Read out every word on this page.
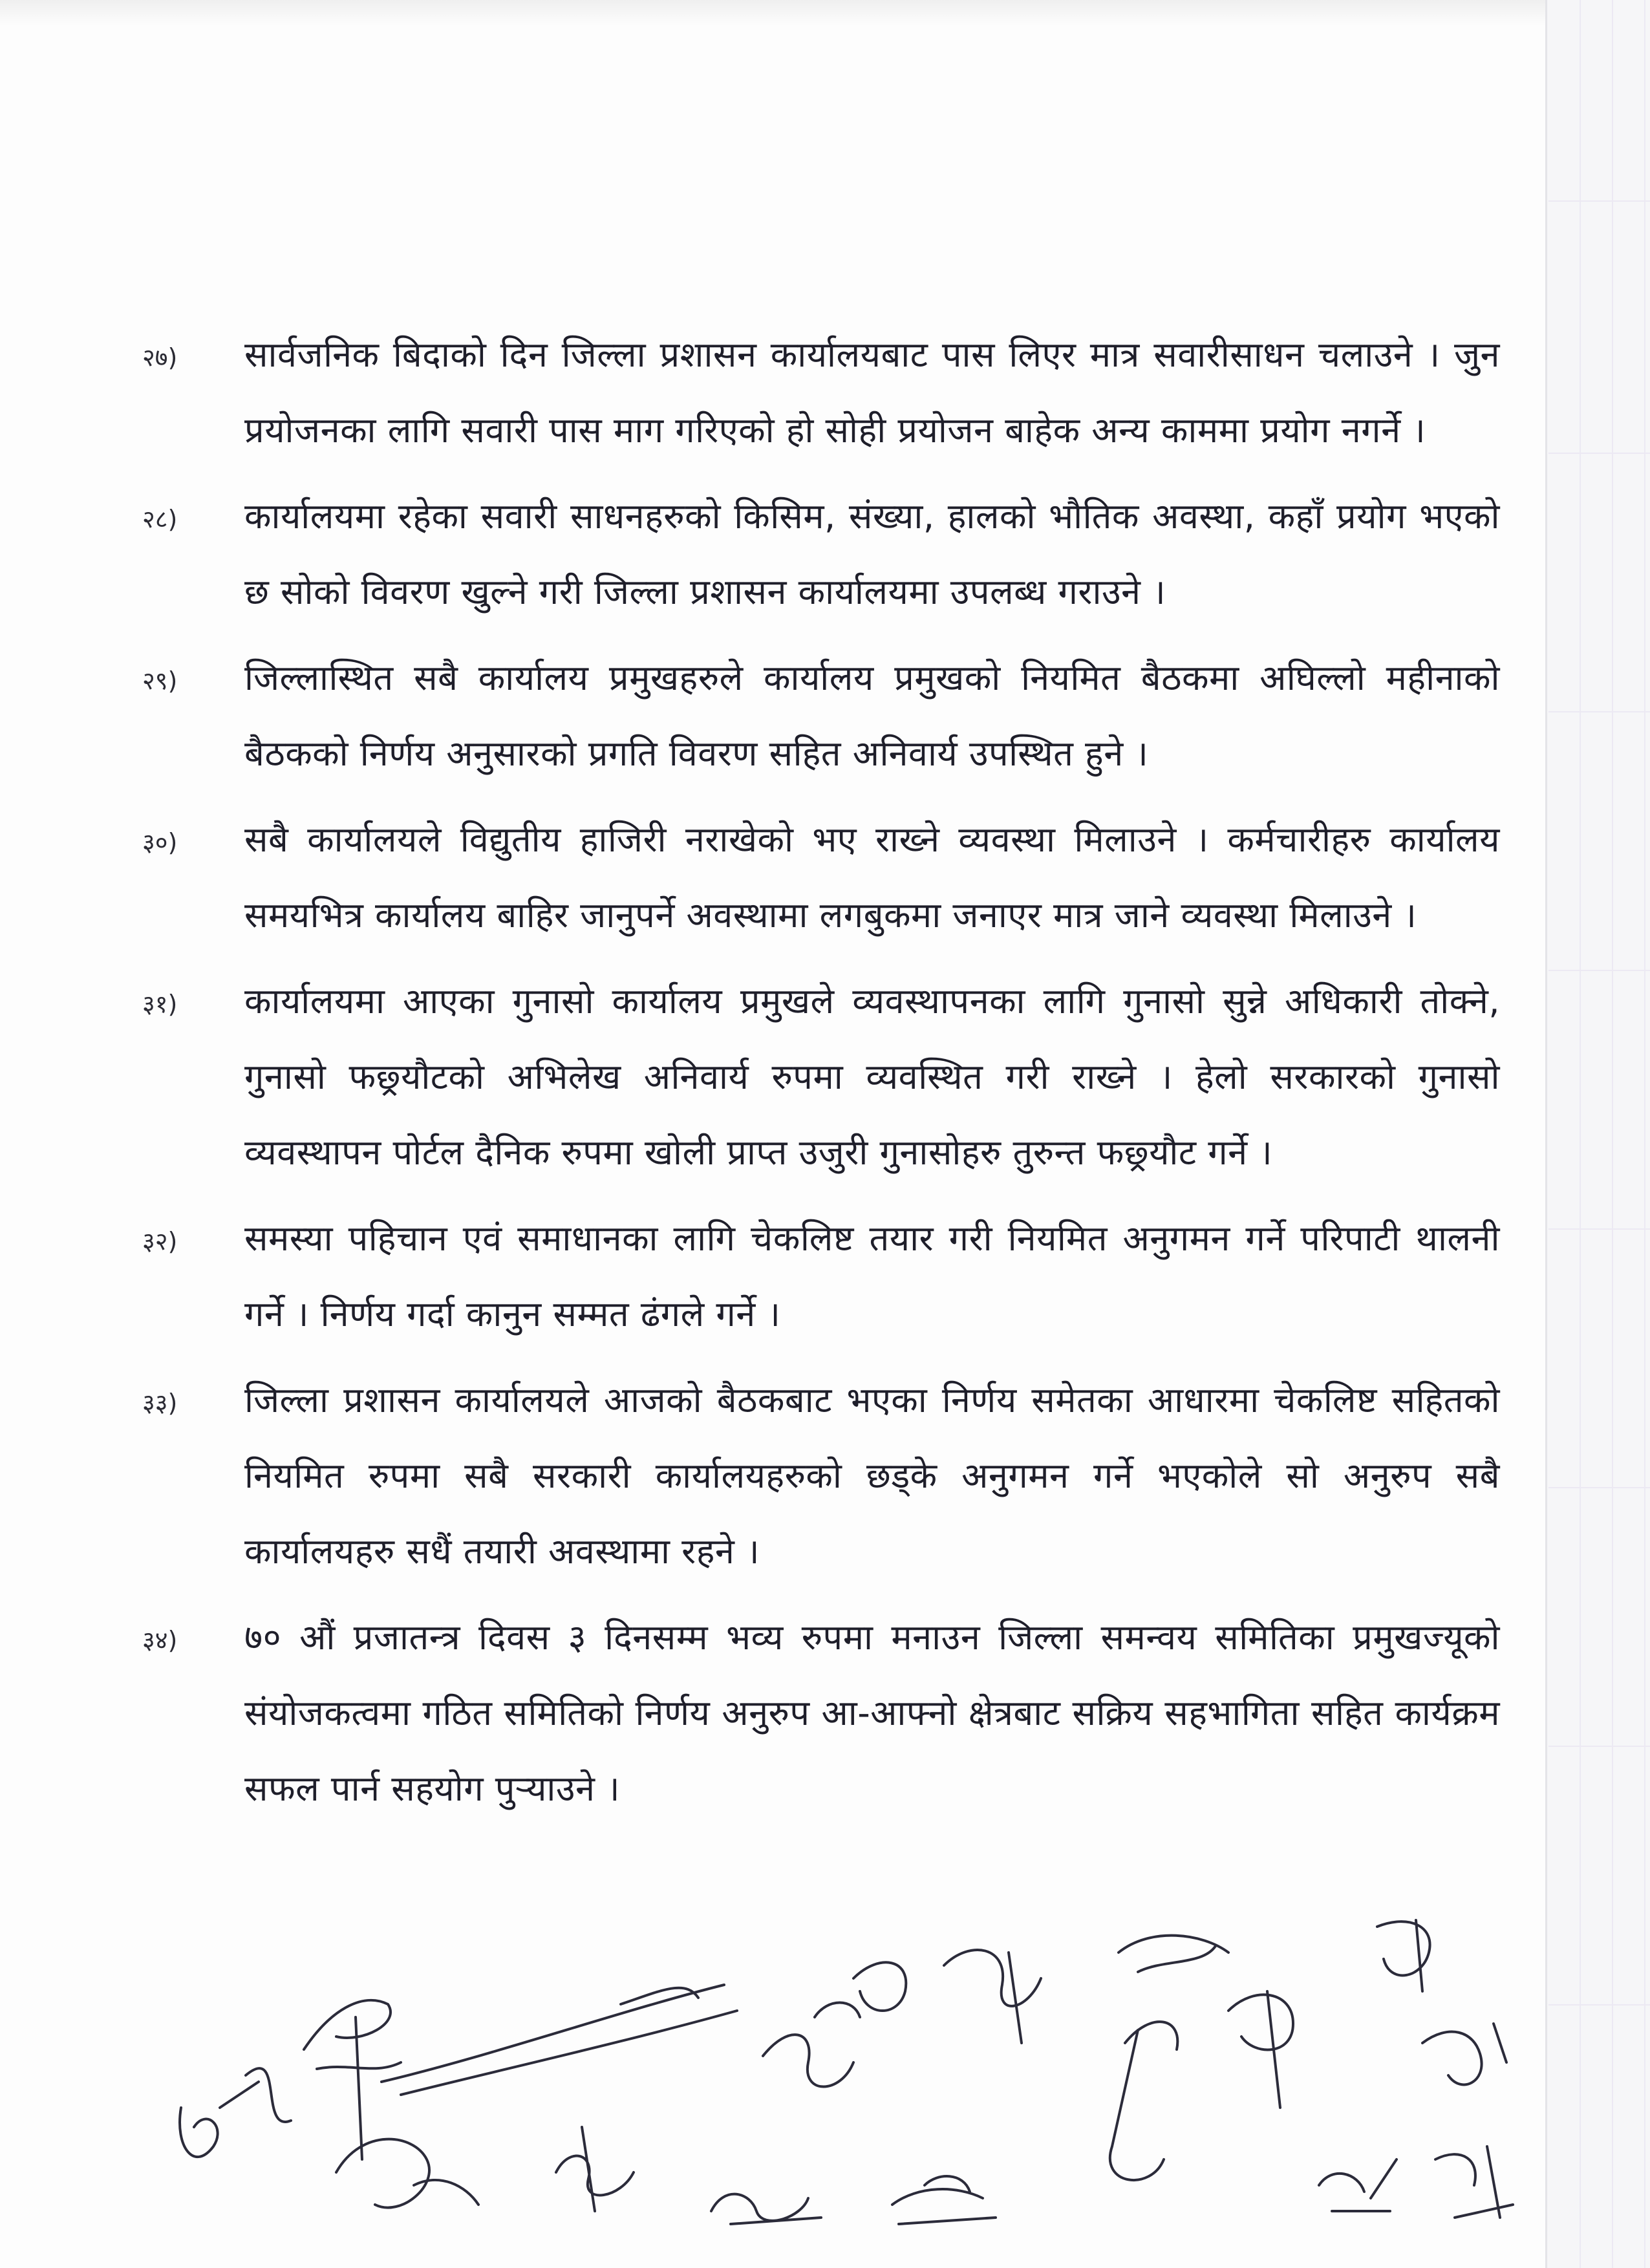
२७) सार्वजनिक बिदाको दिन जिल्ला प्रशासन कार्यालयबाट पास लिएर मात्र सवारीसाधन चलाउने । जुन प्रयोजनका लागि सवारी पास माग गरिएको हो सोही प्रयोजन बाहेक अन्य काममा प्रयोग नगर्ने ।
२८) कार्यालयमा रहेका सवारी साधनहरुको किसिम, संख्या, हालको भौतिक अवस्था, कहाँ प्रयोग भएको छ सोको विवरण खुल्ने गरी जिल्ला प्रशासन कार्यालयमा उपलब्ध गराउने ।
२९) जिल्लास्थित सबै कार्यालय प्रमुखहरुले कार्यालय प्रमुखको नियमित बैठकमा अघिल्लो महीनाको बैठकको निर्णय अनुसारको प्रगति विवरण सहित अनिवार्य उपस्थित हुने ।
३०) सबै कार्यालयले विद्युतीय हाजिरी नराखेको भए राख्ने व्यवस्था मिलाउने । कर्मचारीहरु कार्यालय समयभित्र कार्यालय बाहिर जानुपर्ने अवस्थामा लगबुकमा जनाएर मात्र जाने व्यवस्था मिलाउने ।
३१) कार्यालयमा आएका गुनासो कार्यालय प्रमुखले व्यवस्थापनका लागि गुनासो सुन्ने अधिकारी तोक्ने, गुनासो फछ्र्यौटको अभिलेख अनिवार्य रुपमा व्यवस्थित गरी राख्ने । हेलो सरकारको गुनासो व्यवस्थापन पोर्टल दैनिक रुपमा खोली प्राप्त उजुरी गुनासोहरु तुरुन्त फछ्र्यौट गर्ने ।
३२) समस्या पहिचान एवं समाधानका लागि चेकलिष्ट तयार गरी नियमित अनुगमन गर्ने परिपाटी थालनी गर्ने । निर्णय गर्दा कानुन सम्मत ढंगले गर्ने ।
३३) जिल्ला प्रशासन कार्यालयले आजको बैठकबाट भएका निर्णय समेतका आधारमा चेकलिष्ट सहितको नियमित रुपमा सबै सरकारी कार्यालयहरुको छड्के अनुगमन गर्ने भएकोले सो अनुरुप सबै कार्यालयहरु सधैं तयारी अवस्थामा रहने ।
३४) ७० औं प्रजातन्त्र दिवस ३ दिनसम्म भव्य रुपमा मनाउन जिल्ला समन्वय समितिका प्रमुखज्यूको संयोजकत्वमा गठित समितिको निर्णय अनुरुप आ-आफ्नो क्षेत्रबाट सक्रिय सहभागिता सहित कार्यक्रम सफल पार्न सहयोग पुऱ्याउने ।
